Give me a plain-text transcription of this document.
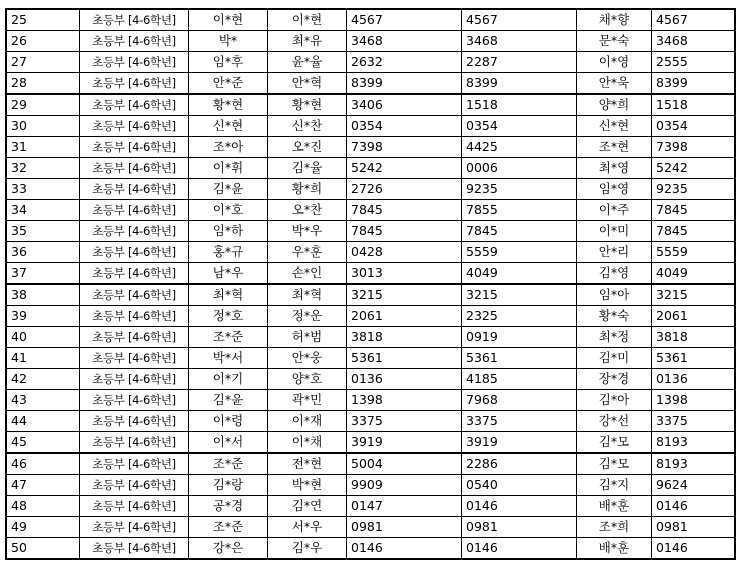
25	초등부 [4-6학년]	이*현	이*현	4567	4567	채*향	4567
26	초등부 [4-6학년]	박*	최*유	3468	3468	문*숙	3468
27	초등부 [4-6학년]	임*후	윤*율	2632	2287	이*영	2555
28	초등부 [4-6학년]	안*준	안*혁	8399	8399	안*욱	8399
29	초등부 [4-6학년]	황*현	황*현	3406	1518	양*희	1518
30	초등부 [4-6학년]	신*현	신*찬	0354	0354	신*현	0354
31	초등부 [4-6학년]	조*아	오*진	7398	4425	조*현	7398
32	초등부 [4-6학년]	이*휘	김*율	5242	0006	최*영	5242
33	초등부 [4-6학년]	김*윤	황*희	2726	9235	임*영	9235
34	초등부 [4-6학년]	이*호	오*찬	7845	7855	이*주	7845
35	초등부 [4-6학년]	임*하	박*우	7845	7845	이*미	7845
36	초등부 [4-6학년]	홍*규	우*훈	0428	5559	안*리	5559
37	초등부 [4-6학년]	남*우	손*인	3013	4049	김*영	4049
38	초등부 [4-6학년]	최*혁	최*혁	3215	3215	임*아	3215
39	초등부 [4-6학년]	정*호	정*운	2061	2325	황*숙	2061
40	초등부 [4-6학년]	조*준	허*범	3818	0919	최*정	3818
41	초등부 [4-6학년]	박*서	안*웅	5361	5361	김*미	5361
42	초등부 [4-6학년]	이*기	양*호	0136	4185	장*경	0136
43	초등부 [4-6학년]	김*윤	곽*민	1398	7968	김*아	1398
44	초등부 [4-6학년]	이*령	이*재	3375	3375	강*선	3375
45	초등부 [4-6학년]	이*서	이*채	3919	3919	김*모	8193
46	초등부 [4-6학년]	조*준	전*현	5004	2286	김*모	8193
47	초등부 [4-6학년]	김*랑	박*현	9909	0540	김*지	9624
48	초등부 [4-6학년]	공*경	김*연	0147	0146	배*훈	0146
49	초등부 [4-6학년]	조*준	서*우	0981	0981	조*희	0981
50	초등부 [4-6학년]	강*은	김*우	0146	0146	배*훈	0146
